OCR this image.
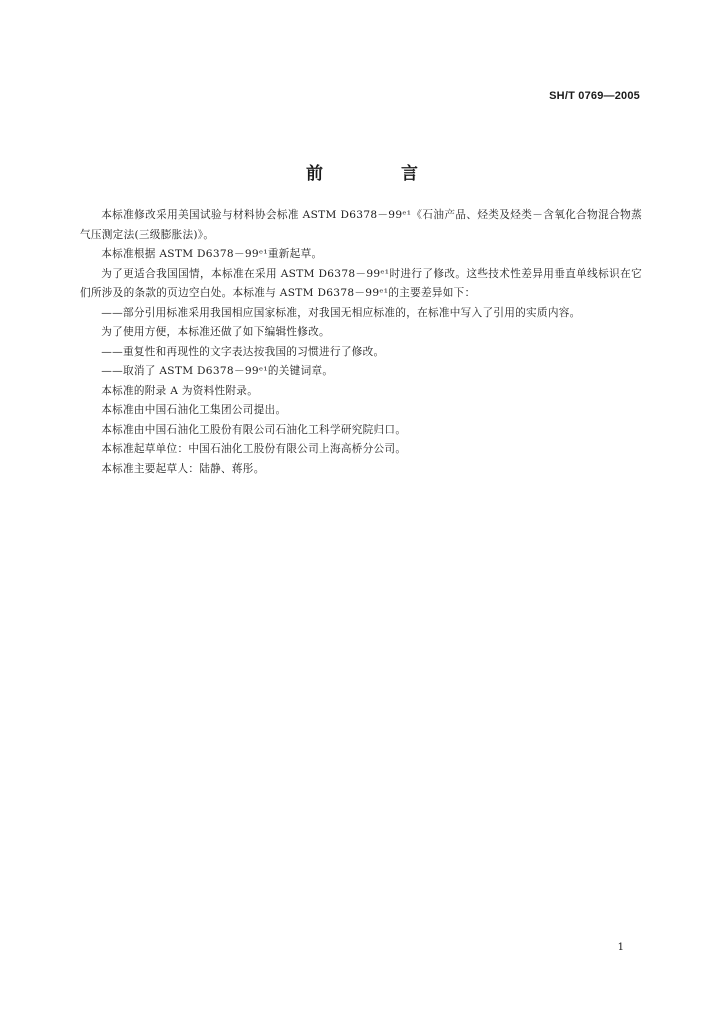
SH/T 0769—2005
前 言

本标准修改采用美国试验与材料协会标准 ASTM D6378－99ᵉ¹《石油产品、烃类及烃类－含氧化合物混合物蒸气压测定法(三级膨胀法)》。

本标准根据 ASTM D6378－99ᵉ¹重新起草。

为了更适合我国国情，本标准在采用 ASTM D6378－99ᵉ¹时进行了修改。这些技术性差异用垂直单线标识在它们所涉及的条款的页边空白处。本标准与 ASTM D6378－99ᵉ¹的主要差异如下：

——部分引用标准采用我国相应国家标准，对我国无相应标准的，在标准中写入了引用的实质内容。

为了使用方便，本标准还做了如下编辑性修改。

——重复性和再现性的文字表达按我国的习惯进行了修改。

——取消了 ASTM D6378－99ᵉ¹的关键词章。

本标准的附录 A 为资料性附录。

本标准由中国石油化工集团公司提出。

本标准由中国石油化工股份有限公司石油化工科学研究院归口。

本标准起草单位：中国石油化工股份有限公司上海高桥分公司。

本标准主要起草人：陆静、蒋彤。

1
